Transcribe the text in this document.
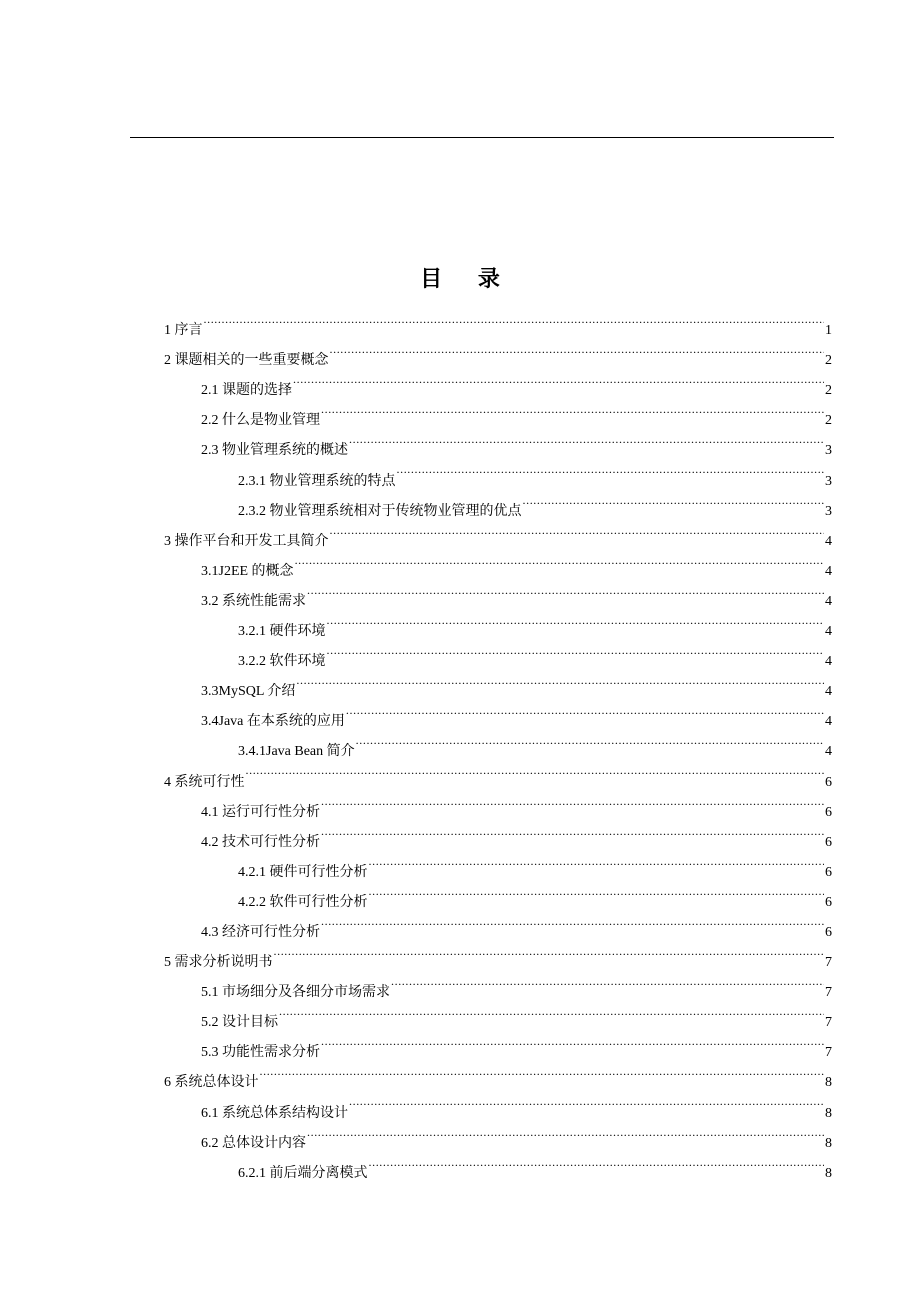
目 录
1 序言 .....	1
2 课题相关的一些重要概念 .....	2
2.1 课题的选择 .....	2
2.2 什么是物业管理 .....	2
2.3 物业管理系统的概述 .....	3
2.3.1 物业管理系统的特点 .....	3
2.3.2 物业管理系统相对于传统物业管理的优点 .....	3
3 操作平台和开发工具简介 .....	4
3.1J2EE 的概念 .....	4
3.2 系统性能需求 .....	4
3.2.1 硬件环境 .....	4
3.2.2 软件环境 .....	4
3.3MySQL 介绍 .....	4
3.4Java 在本系统的应用 .....	4
3.4.1Java Bean 简介 .....	4
4 系统可行性 .....	6
4.1 运行可行性分析 .....	6
4.2 技术可行性分析 .....	6
4.2.1 硬件可行性分析 .....	6
4.2.2 软件可行性分析 .....	6
4.3 经济可行性分析 .....	6
5 需求分析说明书 .....	7
5.1 市场细分及各细分市场需求 .....	7
5.2 设计目标 .....	7
5.3 功能性需求分析 .....	7
6 系统总体设计 .....	8
6.1 系统总体系结构设计 .....	8
6.2 总体设计内容 .....	8
6.2.1 前后端分离模式 .....	8
